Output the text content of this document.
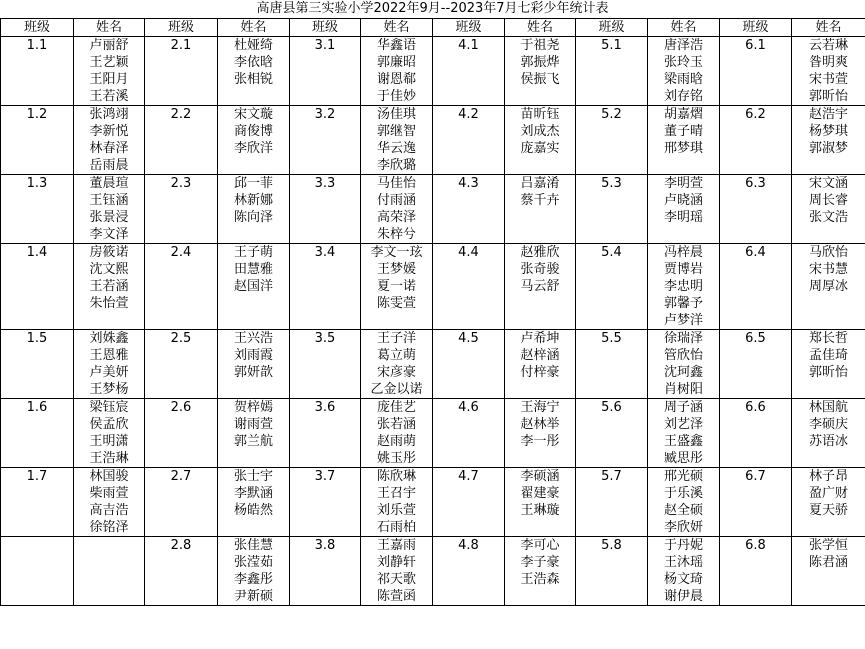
高唐县第三实验小学2022年9月--2023年7月七彩少年统计表
班级	姓名	班级	姓名	班级	姓名	班级	姓名	班级	姓名	班级	姓名
1.1	卢丽舒	2.1	杜娅绮	3.1	华鑫语	4.1	于祖尧	5.1	唐泽浩	6.1	云若琳
	王艺颖		李依晗		郭廉昭		郭振烨		张玲玉		昝明爽
	王阳月		张相锐		谢恩郗		侯振飞		梁雨晗		宋书萱
	王若溪				于佳妙				刘存铭		郭昕怡
1.2	张鸿翊	2.2	宋文璇	3.2	汤佳琪	4.2	苗昕钰	5.2	胡嘉熠	6.2	赵浩宇
	李新悦		商俊博		郭继智		刘成杰		董子晴		杨梦琪
	林春泽		李欣洋		华云逸		庞嘉实		邢梦琪		郭淑梦
	岳雨晨				李欣璐						
1.3	董晨瑄	2.3	邱一菲	3.3	马佳怡	4.3	吕嘉淆	5.3	李明萱	6.3	宋文涵
	王钰涵		林新娜		付雨涵		蔡千卉		卢晓涵		周长睿
	张景浸		陈向泽		高荣泽				李明瑶		张文浩
	李文泽				朱梓兮						
1.4	房筱诺	2.4	王子萌	3.4	李文一玹	4.4	赵雅欣	5.4	冯梓晨	6.4	马欣怡
	沈文熙		田慧雅		王梦媛		张奇骏		贾博岩		宋书慧
	王若涵		赵国洋		夏一诺		马云舒		李忠明		周厚冰
	朱怡萱				陈雯萱				郭馨予		
									卢梦洋		
1.5	刘姝鑫	2.5	王兴浩	3.5	王子洋	4.5	卢希坤	5.5	徐瑞泽	6.5	郑长哲
	王恩雅		刘雨霞		葛立萌		赵梓涵		管欣怡		孟佳琦
	卢美妍		郭妍歆		宋彦豪		付梓豪		沈珂鑫		郭昕怡
	王梦杨				乙金以诺				肖树阳		
1.6	梁钰宸	2.6	贺梓嫣	3.6	庞佳艺	4.6	王海宁	5.6	周子涵	6.6	林国航
	侯孟欣		谢雨萱		张若涵		赵林举		刘艺泽		李硕庆
	王明潇		郭兰航		赵雨萌		李一彤		王盛鑫		苏语冰
	王浩琳				姚玉彤				臧思彤		
1.7	林国骏	2.7	张士宇	3.7	陈欣琳	4.7	李硕涵	5.7	邢光硕	6.7	林子昂
	柴雨萱		李默涵		王召宇		翟建豪		于乐溪		盈广财
	高吉浩		杨皓然		刘乐萱		王琳璇		赵全硕		夏天骄
	徐铭泽				石雨柏				李欣妍		
		2.8	张佳慧	3.8	王嘉雨	4.8	李可心	5.8	于丹妮	6.8	张学恒
			张滢茹		刘静轩		李子豪		王沐瑶		陈君涵
			李鑫彤		祁天歌		王浩森		杨文琦		
			尹新硕		陈萱函				谢伊晨		
